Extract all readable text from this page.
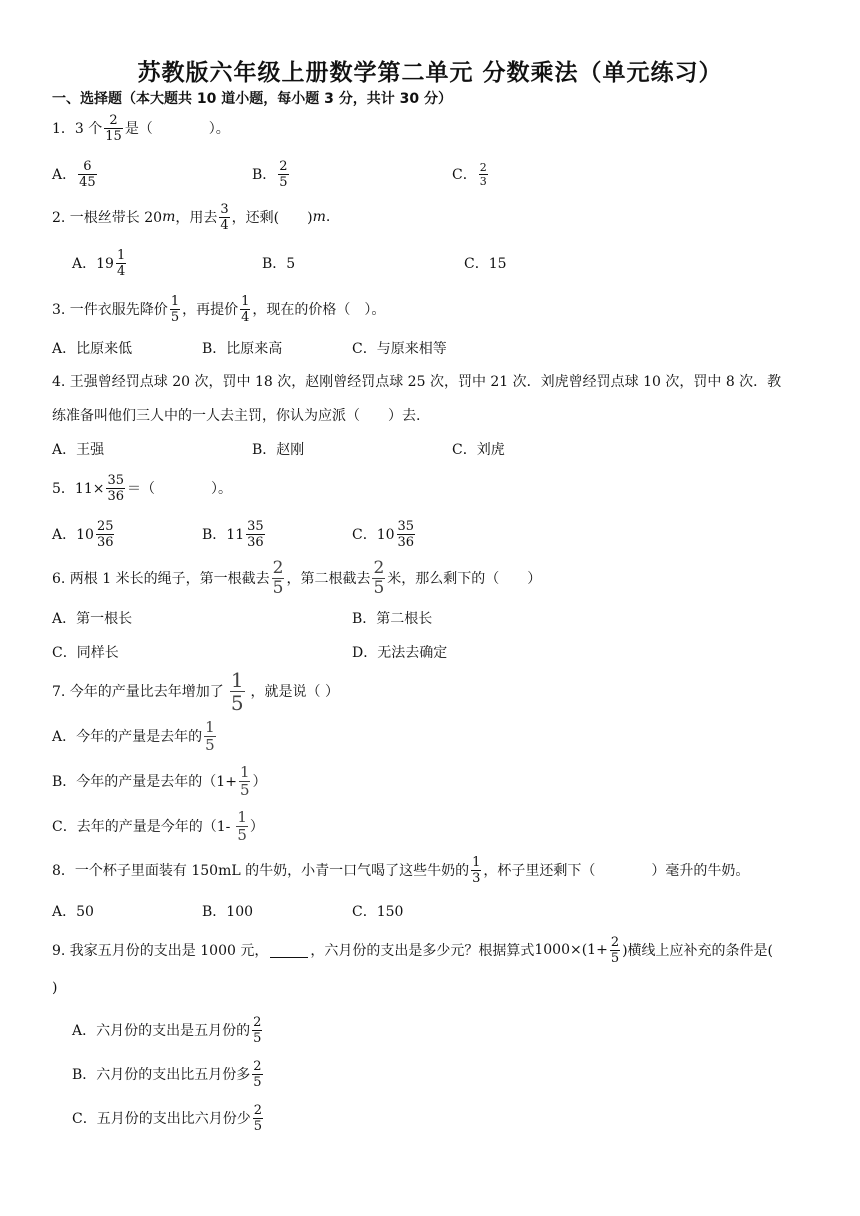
苏教版六年级上册数学第二单元 分数乘法（单元练习）
一、选择题（本大题共 10 道小题，每小题 3 分，共计 30 分）
1．3 个 $\frac{2}{15}$ 是（　　　　）。
A． $\frac{6}{45}$	B． $\frac{2}{5}$	C． $\frac{2}{3}$
2. 一根丝带长 20 m ，用去 $\frac{3}{4}$ ，还剩(　　) m .
A．$19 \frac{1}{4}$	B．5	C．15
3. 一件衣服先降价 $\frac{1}{5}$ ，再提价 $\frac{1}{4}$ ，现在的价格（　）。
A．比原来低	B．比原来高	C．与原来相等
4. 王强曾经罚点球 20 次，罚中 18 次，赵刚曾经罚点球 25 次，罚中 21 次．刘虎曾经罚点球 10 次，罚中 8 次．教
练准备叫他们三人中的一人去主罚，你认为应派（　　）去.
A．王强	B．赵刚	C．刘虎
5．$11\times \frac{35}{36}$ ＝（　　　　）。
A．$10 \frac{25}{36}$	B．$11 \frac{35}{36}$	C．$10 \frac{35}{36}$
6. 两根 1 米长的绳子，第一根截去 $\frac{2}{5}$ ，第二根截去 $\frac{2}{5}$ 米，那么剩下的（　　）
A．第一根长	B．第二根长
C．同样长	D．无法去确定
7. 今年的产量比去年增加了 $\frac{1}{5}$ ，就是说（ ）
A．今年的产量是去年的 $\frac{1}{5}$
B．今年的产量是去年的（$1+ \frac{1}{5}$ ）
C．去年的产量是今年的（$1- \frac{1}{5}$ ）
8．一个杯子里面装有 150mL 的牛奶，小青一口气喝了这些牛奶的 $\frac{1}{3}$ ，杯子里还剩下（　　　　）毫升的牛奶。
A．50	B．100	C．150
9. 我家五月份的支出是 1000 元，	，六月份的支出是多少元？根据算式 $1000\times(1+ \frac{2}{5}$ )横线上应补充的条件是(
)
A．六月份的支出是五月份的 $\frac{2}{5}$
B．六月份的支出比五月份多 $\frac{2}{5}$
C．五月份的支出比六月份少 $\frac{2}{5}$
